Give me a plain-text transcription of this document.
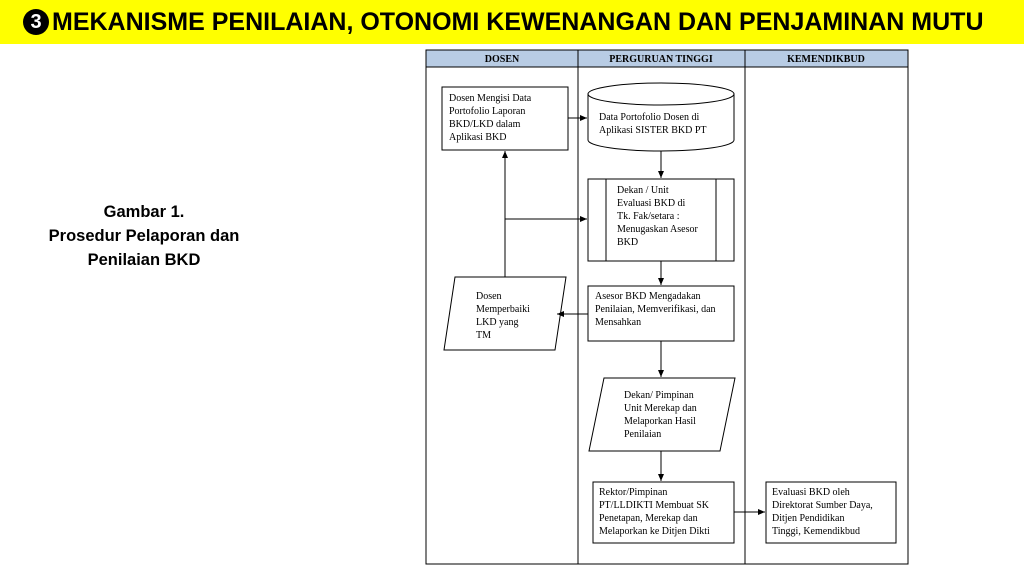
3 MEKANISME PENILAIAN, OTONOMI KEWENANGAN DAN PENJAMINAN MUTU
Gambar 1.
Prosedur Pelaporan dan
Penilaian BKD
DOSEN	PERGURUAN TINGGI	KEMENDIKBUD
Dosen Mengisi Data Portofolio Laporan BKD/LKD dalam Aplikasi BKD
Data Portofolio Dosen di Aplikasi SISTER BKD PT
Dekan / Unit Evaluasi BKD di Tk. Fak/setara : Menugaskan Asesor BKD
Dosen Memperbaiki LKD yang TM
Asesor BKD Mengadakan Penilaian, Memverifikasi, dan Mensahkan
Dekan/ Pimpinan Unit Merekap dan Melaporkan Hasil Penilaian
Rektor/Pimpinan PT/LLDIKTI Membuat SK Penetapan, Merekap dan Melaporkan ke Ditjen Dikti
Evaluasi BKD oleh Direktorat Sumber Daya, Ditjen Pendidikan Tinggi, Kemendikbud
